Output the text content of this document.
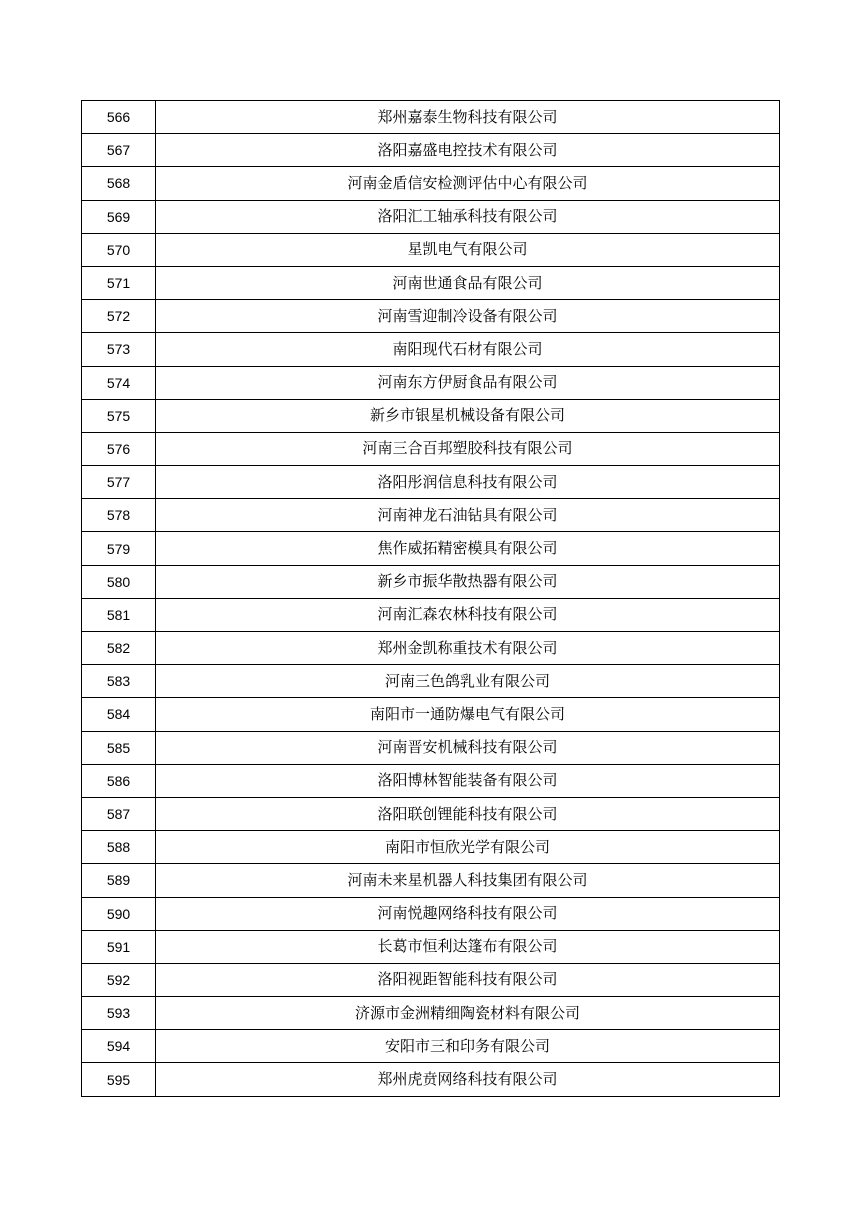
566	郑州嘉泰生物科技有限公司
567	洛阳嘉盛电控技术有限公司
568	河南金盾信安检测评估中心有限公司
569	洛阳汇工轴承科技有限公司
570	星凯电气有限公司
571	河南世通食品有限公司
572	河南雪迎制冷设备有限公司
573	南阳现代石材有限公司
574	河南东方伊厨食品有限公司
575	新乡市银星机械设备有限公司
576	河南三合百邦塑胶科技有限公司
577	洛阳彤润信息科技有限公司
578	河南神龙石油钻具有限公司
579	焦作威拓精密模具有限公司
580	新乡市振华散热器有限公司
581	河南汇森农林科技有限公司
582	郑州金凯称重技术有限公司
583	河南三色鸽乳业有限公司
584	南阳市一通防爆电气有限公司
585	河南晋安机械科技有限公司
586	洛阳博林智能装备有限公司
587	洛阳联创锂能科技有限公司
588	南阳市恒欣光学有限公司
589	河南未来星机器人科技集团有限公司
590	河南悦趣网络科技有限公司
591	长葛市恒利达篷布有限公司
592	洛阳视距智能科技有限公司
593	济源市金洲精细陶瓷材料有限公司
594	安阳市三和印务有限公司
595	郑州虎贲网络科技有限公司
